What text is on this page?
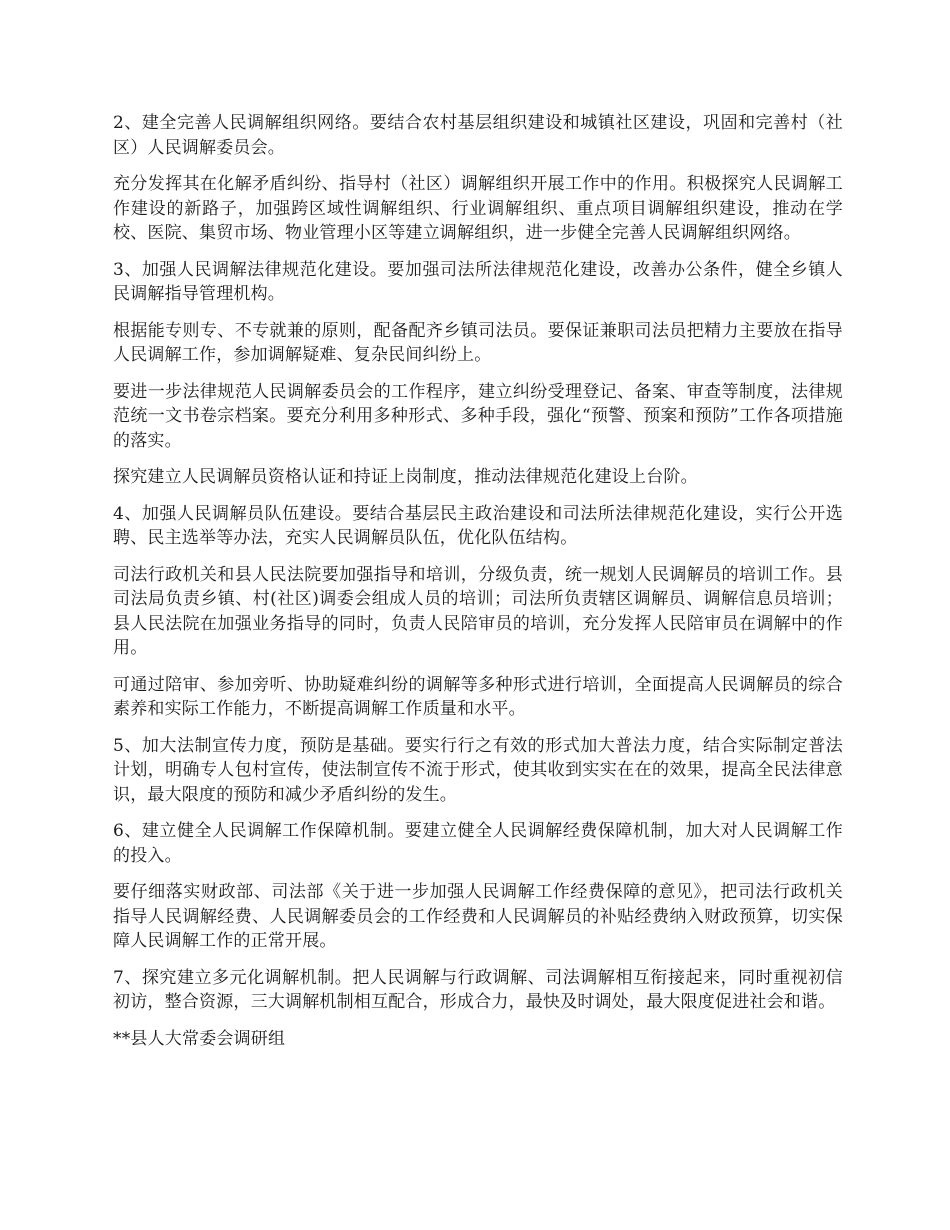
2、建全完善人民调解组织网络。要结合农村基层组织建设和城镇社区建设，巩固和完善村（社区）人民调解委员会。

充分发挥其在化解矛盾纠纷、指导村（社区）调解组织开展工作中的作用。积极探究人民调解工作建设的新路子，加强跨区域性调解组织、行业调解组织、重点项目调解组织建设，推动在学校、医院、集贸市场、物业管理小区等建立调解组织，进一步健全完善人民调解组织网络。

3、加强人民调解法律规范化建设。要加强司法所法律规范化建设，改善办公条件，健全乡镇人民调解指导管理机构。

根据能专则专、不专就兼的原则，配备配齐乡镇司法员。要保证兼职司法员把精力主要放在指导人民调解工作，参加调解疑难、复杂民间纠纷上。

要进一步法律规范人民调解委员会的工作程序，建立纠纷受理登记、备案、审查等制度，法律规范统一文书卷宗档案。要充分利用多种形式、多种手段，强化“预警、预案和预防”工作各项措施的落实。

探究建立人民调解员资格认证和持证上岗制度，推动法律规范化建设上台阶。

4、加强人民调解员队伍建设。要结合基层民主政治建设和司法所法律规范化建设，实行公开选聘、民主选举等办法，充实人民调解员队伍，优化队伍结构。

司法行政机关和县人民法院要加强指导和培训，分级负责，统一规划人民调解员的培训工作。县司法局负责乡镇、村(社区)调委会组成人员的培训；司法所负责辖区调解员、调解信息员培训；县人民法院在加强业务指导的同时，负责人民陪审员的培训，充分发挥人民陪审员在调解中的作用。

可通过陪审、参加旁听、协助疑难纠纷的调解等多种形式进行培训，全面提高人民调解员的综合素养和实际工作能力，不断提高调解工作质量和水平。

5、加大法制宣传力度，预防是基础。要实行行之有效的形式加大普法力度，结合实际制定普法计划，明确专人包村宣传，使法制宣传不流于形式，使其收到实实在在的效果，提高全民法律意识，最大限度的预防和减少矛盾纠纷的发生。

6、建立健全人民调解工作保障机制。要建立健全人民调解经费保障机制，加大对人民调解工作的投入。

要仔细落实财政部、司法部《关于进一步加强人民调解工作经费保障的意见》，把司法行政机关指导人民调解经费、人民调解委员会的工作经费和人民调解员的补贴经费纳入财政预算，切实保障人民调解工作的正常开展。

7、探究建立多元化调解机制。把人民调解与行政调解、司法调解相互衔接起来，同时重视初信初访，整合资源，三大调解机制相互配合，形成合力，最快及时调处，最大限度促进社会和谐。

**县人大常委会调研组
